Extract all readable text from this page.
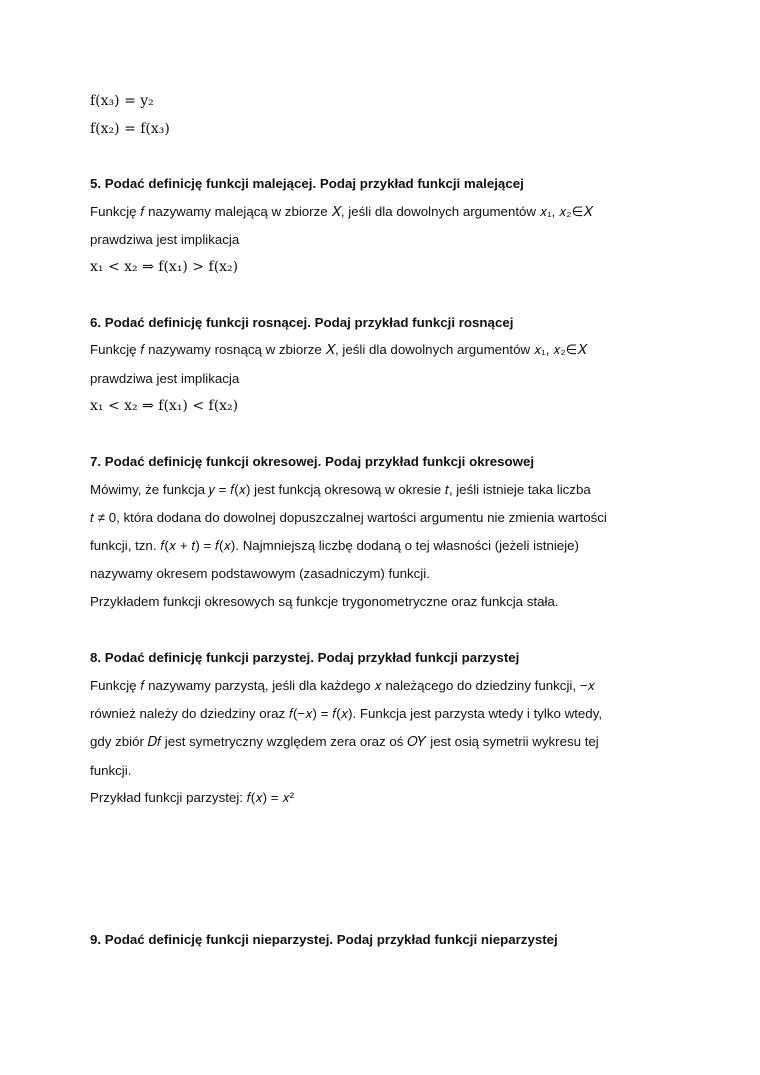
f(x₃) = y₂
f(x₂) = f(x₃)
5. Podać definicję funkcji malejącej. Podaj przykład funkcji malejącej
Funkcję 𝑓 nazywamy malejącą w zbiorze 𝑋, jeśli dla dowolnych argumentów 𝑥₁, 𝑥₂∈𝑋
prawdziwa jest implikacja
x₁ < x₂ ⇒ f(x₁) > f(x₂)
6. Podać definicję funkcji rosnącej. Podaj przykład funkcji rosnącej
Funkcję 𝑓 nazywamy rosnącą w zbiorze 𝑋, jeśli dla dowolnych argumentów 𝑥₁, 𝑥₂∈𝑋
prawdziwa jest implikacja
x₁ < x₂ ⇒ f(x₁) < f(x₂)
7. Podać definicję funkcji okresowej. Podaj przykład funkcji okresowej
Mówimy, że funkcja 𝑦 = 𝑓(𝑥) jest funkcją okresową w okresie 𝑡, jeśli istnieje taka liczba
𝑡 ≠ 0, która dodana do dowolnej dopuszczalnej wartości argumentu nie zmienia wartości
funkcji, tzn. 𝑓(𝑥 + 𝑡) = 𝑓(𝑥). Najmniejszą liczbę dodaną o tej własności (jeżeli istnieje)
nazywamy okresem podstawowym (zasadniczym) funkcji.
Przykładem funkcji okresowych są funkcje trygonometryczne oraz funkcja stała.
8. Podać definicję funkcji parzystej. Podaj przykład funkcji parzystej
Funkcję 𝑓 nazywamy parzystą, jeśli dla każdego 𝑥 należącego do dziedziny funkcji, −𝑥
również należy do dziedziny oraz 𝑓(−𝑥) = 𝑓(𝑥). Funkcja jest parzysta wtedy i tylko wtedy,
gdy zbiór 𝐷𝑓 jest symetryczny względem zera oraz oś 𝑂𝑌 jest osią symetrii wykresu tej
funkcji.
Przykład funkcji parzystej: 𝑓(𝑥) = 𝑥²
9. Podać definicję funkcji nieparzystej. Podaj przykład funkcji nieparzystej
